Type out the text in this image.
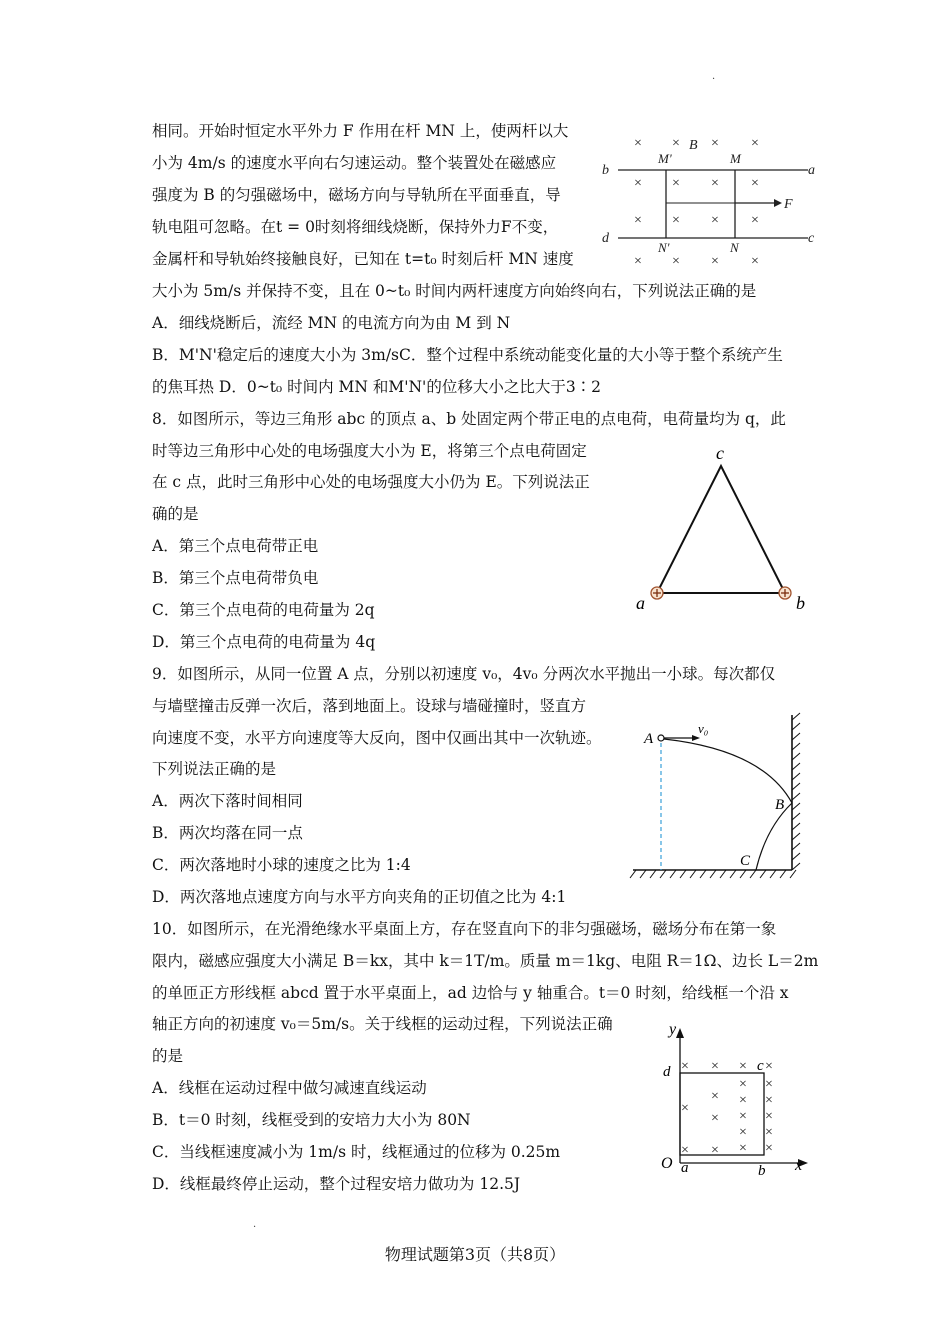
·
·
相同。开始时恒定水平外力 F 作用在杆 MN 上，使两杆以大
小为 4m/s 的速度水平向右匀速运动。整个装置处在磁感应
强度为 B 的匀强磁场中，磁场方向与导轨所在平面垂直，导
轨电阻可忽略。在t = 0时刻将细线烧断，保持外力F不变，
金属杆和导轨始终接触良好，已知在 t=t₀ 时刻后杆 MN 速度
大小为 5m/s 并保持不变，且在 0~t₀ 时间内两杆速度方向始终向右，下列说法正确的是
A．细线烧断后，流经 MN 的电流方向为由 M 到 N
B．M'N'稳定后的速度大小为 3m/sC．整个过程中系统动能变化量的大小等于整个系统产生
的焦耳热 D．0~t₀ 时间内 MN 和M'N'的位移大小之比大于3∶2
× × × ×
B
b	a
M'	M
F
× × × ×
× × × ×
d	c
N'	N
× × × ×
8．如图所示，等边三角形 abc 的顶点 a、b 处固定两个带正电的点电荷，电荷量均为 q，此
时等边三角形中心处的电场强度大小为 E，将第三个点电荷固定
在 c 点，此时三角形中心处的电场强度大小仍为 E。下列说法正
确的是
A．第三个点电荷带正电
B．第三个点电荷带负电
C．第三个点电荷的电荷量为 2q
D．第三个点电荷的电荷量为 4q
c
a	b
9．如图所示，从同一位置 A 点，分别以初速度 v₀，4v₀ 分两次水平抛出一小球。每次都仅
与墙壁撞击反弹一次后，落到地面上。设球与墙碰撞时，竖直方
向速度不变，水平方向速度等大反向，图中仅画出其中一次轨迹。
下列说法正确的是
A．两次下落时间相同
B．两次均落在同一点
C．两次落地时小球的速度之比为 1:4
D．两次落地点速度方向与水平方向夹角的正切值之比为 4:1
A
v₀
B
C
10．如图所示，在光滑绝缘水平桌面上方，存在竖直向下的非匀强磁场，磁场分布在第一象
限内，磁感应强度大小满足 B＝kx，其中 k＝1T/m。质量 m＝1kg、电阻 R＝1Ω、边长 L＝2m
的单匝正方形线框 abcd 置于水平桌面上，ad 边恰与 y 轴重合。t＝0 时刻，给线框一个沿 x
轴正方向的初速度 v₀＝5m/s。关于线框的运动过程，下列说法正确
的是
A．线框在运动过程中做匀减速直线运动
B．t＝0 时刻，线框受到的安培力大小为 80N
C．当线框速度减小为 1m/s 时，线框通过的位移为 0.25m
D．线框最终停止运动，整个过程安培力做功为 12.5J
y
x
O
d
a	b
c
× × × ×
× ×
× × ×
×
× × ×
× ×
× × × ×
物理试题第3页（共8页）
